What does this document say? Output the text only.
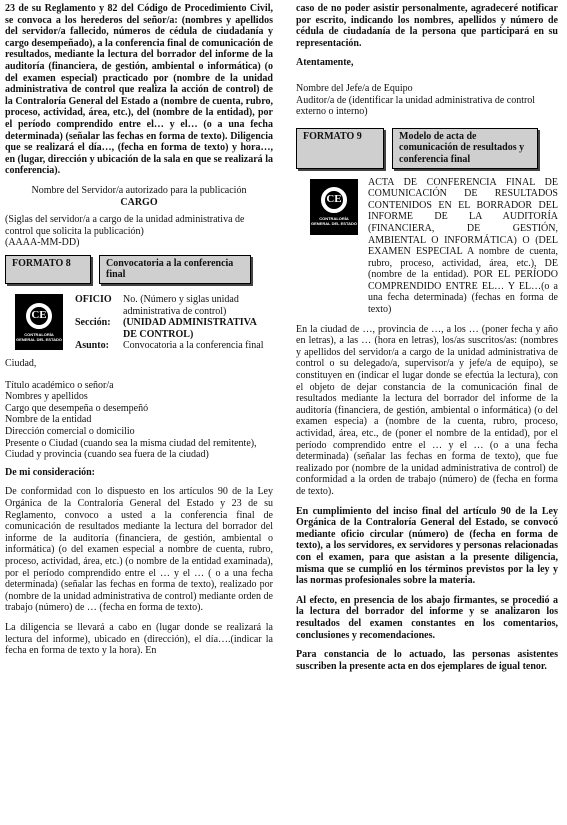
23 de su Reglamento y 82 del Código de Procedimiento Civil, se convoca a los herederos del señor/a: (nombres y apellidos del servidor/a fallecido, números de cédula de ciudadanía y cargo desempeñado), a la conferencia final de comunicación de resultados, mediante la lectura del borrador del informe de la auditoría (financiera, de gestión, ambiental o informática) (o del examen especial) practicado por (nombre de la unidad administrativa de control que realiza la acción de control) de la Contraloría General del Estado a (nombre de cuenta, rubro, proceso, actividad, área, etc.), del (nombre de la entidad), por el período comprendido entre el… y el… (o a una fecha determinada) (señalar las fechas en forma de texto). Diligencia que se realizará el día…, (fecha en forma de texto) y hora…, en (lugar, dirección y ubicación de la sala en que se realizará la conferencia).

Nombre del Servidor/a autorizado para la publicación
CARGO
(Siglas del servidor/a a cargo de la unidad administrativa de control que solicita la publicación)
(AAAA-MM-DD)
FORMATO 8	Convocatoria a la conferencia final
CE
CONTRALORÍA GENERAL DEL ESTADO
OFICIO	No. (Número y siglas unidad administrativa de control)
Sección:	(UNIDAD ADMINISTRATIVA DE CONTROL)
Asunto:	Convocatoria a la conferencia final
Ciudad,
Título académico o señor/a
Nombres y apellidos
Cargo que desempeña o desempeñó
Nombre de la entidad
Dirección comercial o domicilio
Presente o Ciudad (cuando sea la misma ciudad del remitente),
Ciudad y provincia (cuando sea fuera de la ciudad)

De mi consideración:

De conformidad con lo dispuesto en los artículos 90 de la Ley Orgánica de la Contraloría General del Estado y 23 de su Reglamento, convoco a usted a la conferencia final de comunicación de resultados mediante la lectura del borrador del informe de la auditoría (financiera, de gestión, ambiental o informática) (o del examen especial a nombre de cuenta, rubro, proceso, actividad, área, etc.) (o nombre de la entidad examinada), por el período comprendido entre el … y el … ( o a una fecha determinada) (señalar las fechas en forma de texto), realizado por (nombre de la unidad administrativa de control) mediante orden de trabajo (número) de … (fecha en forma de texto).

La diligencia se llevará a cabo en (lugar donde se realizará la lectura del informe), ubicado en (dirección), el día….(indicar la fecha en forma de texto y la hora). En

caso de no poder asistir personalmente, agradeceré notificar por escrito, indicando los nombres, apellidos y número de cédula de ciudadanía de la persona que participará en su representación.

Atentamente,

Nombre del Jefe/a de Equipo
Auditor/a de (identificar la unidad administrativa de control externo o interno)
FORMATO 9	Modelo de acta de comunicación de resultados y conferencia final
CE
CONTRALORÍA GENERAL DEL ESTADO
ACTA DE CONFERENCIA FINAL DE COMUNICACIÓN DE RESULTADOS CONTENIDOS EN EL BORRADOR DEL INFORME DE LA AUDITORÍA (FINANCIERA, DE GESTIÓN, AMBIENTAL O INFORMÁTICA) O (DEL EXAMEN ESPECIAL A nombre de cuenta, rubro, proceso, actividad, área, etc.), DE (nombre de la entidad). POR EL PERÍODO COMPRENDIDO ENTRE EL… Y EL…(o a una fecha determinada) (fechas en forma de texto)

En la ciudad de …, provincia de …, a los … (poner fecha y año en letras), a las … (hora en letras), los/as suscritos/as: (nombres y apellidos del servidor/a a cargo de la unidad administrativa de control o su delegado/a, supervisor/a y jefe/a de equipo), se constituyen en (indicar el lugar donde se efectúa la lectura), con el objeto de dejar constancia de la comunicación final de resultados mediante la lectura del borrador del informe de la auditoría (financiera, de gestión, ambiental o informática) (o del examen especia) a (nombre de la cuenta, rubro, proceso, actividad, área, etc., de (poner el nombre de la entidad), por el período comprendido entre el … y el … (o a una fecha determinada) (señalar las fechas en forma de texto), que fue realizado por (nombre de la unidad administrativa de control) de conformidad a la orden de trabajo (número) de (fecha en forma de texto).

En cumplimiento del inciso final del artículo 90 de la Ley Orgánica de la Contraloría General del Estado, se convocó mediante oficio circular (número) de (fecha en forma de texto), a los servidores, ex servidores y personas relacionadas con el examen, para que asistan a la presente diligencia, misma que se cumplió en los términos previstos por la ley y las normas profesionales sobre la materia.

Al efecto, en presencia de los abajo firmantes, se procedió a la lectura del borrador del informe y se analizaron los resultados del examen constantes en los comentarios, conclusiones y recomendaciones.

Para constancia de lo actuado, las personas asistentes suscriben la presente acta en dos ejemplares de igual tenor.
